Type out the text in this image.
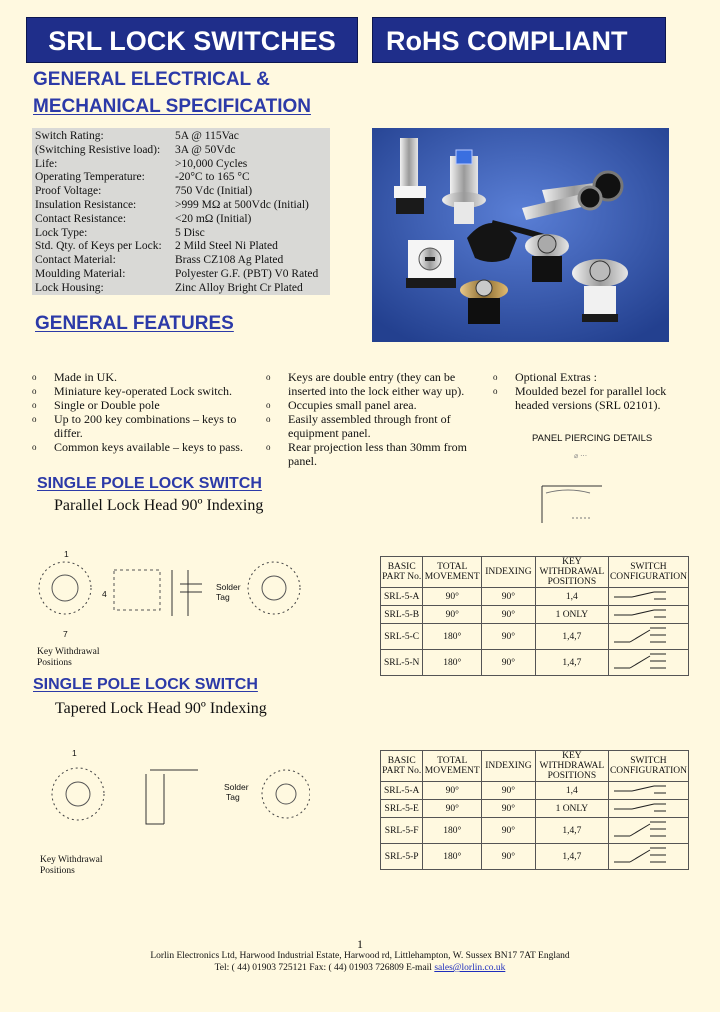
SRL LOCK SWITCHES	RoHS COMPLIANT
GENERAL ELECTRICAL &
MECHANICAL SPECIFICATION
Switch Rating:	5A @ 115Vac
(Switching Resistive load): 3A @ 50Vdc
Life:	>10,000 Cycles
Operating Temperature:	-20°C to 165 °C
Proof Voltage:	750 Vdc (Initial)
Insulation Resistance:	>999 MΩ at 500Vdc (Initial)
Contact Resistance:	<20 mΩ (Initial)
Lock Type:	5 Disc
Std. Qty. of Keys per Lock: 2 Mild Steel Ni Plated
Contact Material:	Brass CZ108 Ag Plated
Moulding Material:	Polyester G.F. (PBT) V0 Rated
Lock Housing:	Zinc Alloy Bright Cr Plated
GENERAL FEATURES
o Made in UK.
o Miniature key-operated Lock switch.
o Single or Double pole
o Up to 200 key combinations – keys to differ.
o Common keys available – keys to pass.
o Keys are double entry (they can be inserted into the lock either way up).
o Occupies small panel area.
o Easily assembled through front of equipment panel.
o Rear projection less than 30mm from panel.
o Optional Extras :
o Moulded bezel for parallel lock headed versions (SRL 02101).
PANEL PIERCING DETAILS
⌀ ⋯
SINGLE POLE LOCK SWITCH
Parallel Lock Head 90º Indexing
1
4
7
Solder
Tag
Key Withdrawal
Positions
BASIC PART No.	TOTAL MOVEMENT	INDEXING	KEY WITHDRAWAL POSITIONS	SWITCH CONFIGURATION
SRL-5-A	90°	90°	1,4	
SRL-5-B	90°	90°	1 ONLY	
SRL-5-C	180°	90°	1,4,7	
SRL-5-N	180°	90°	1,4,7	
SINGLE POLE LOCK SWITCH
Tapered Lock Head 90º Indexing
1
Solder
Tag
Key Withdrawal
Positions
BASIC PART No.	TOTAL MOVEMENT	INDEXING	KEY WITHDRAWAL POSITIONS	SWITCH CONFIGURATION
SRL-5-A	90°	90°	1,4	
SRL-5-E	90°	90°	1 ONLY	
SRL-5-F	180°	90°	1,4,7	
SRL-5-P	180°	90°	1,4,7	
1
Lorlin Electronics Ltd, Harwood Industrial Estate, Harwood rd, Littlehampton, W. Sussex BN17 7AT England
Tel: ( 44) 01903 725121 Fax: ( 44) 01903 726809 E-mail sales@lorlin.co.uk
